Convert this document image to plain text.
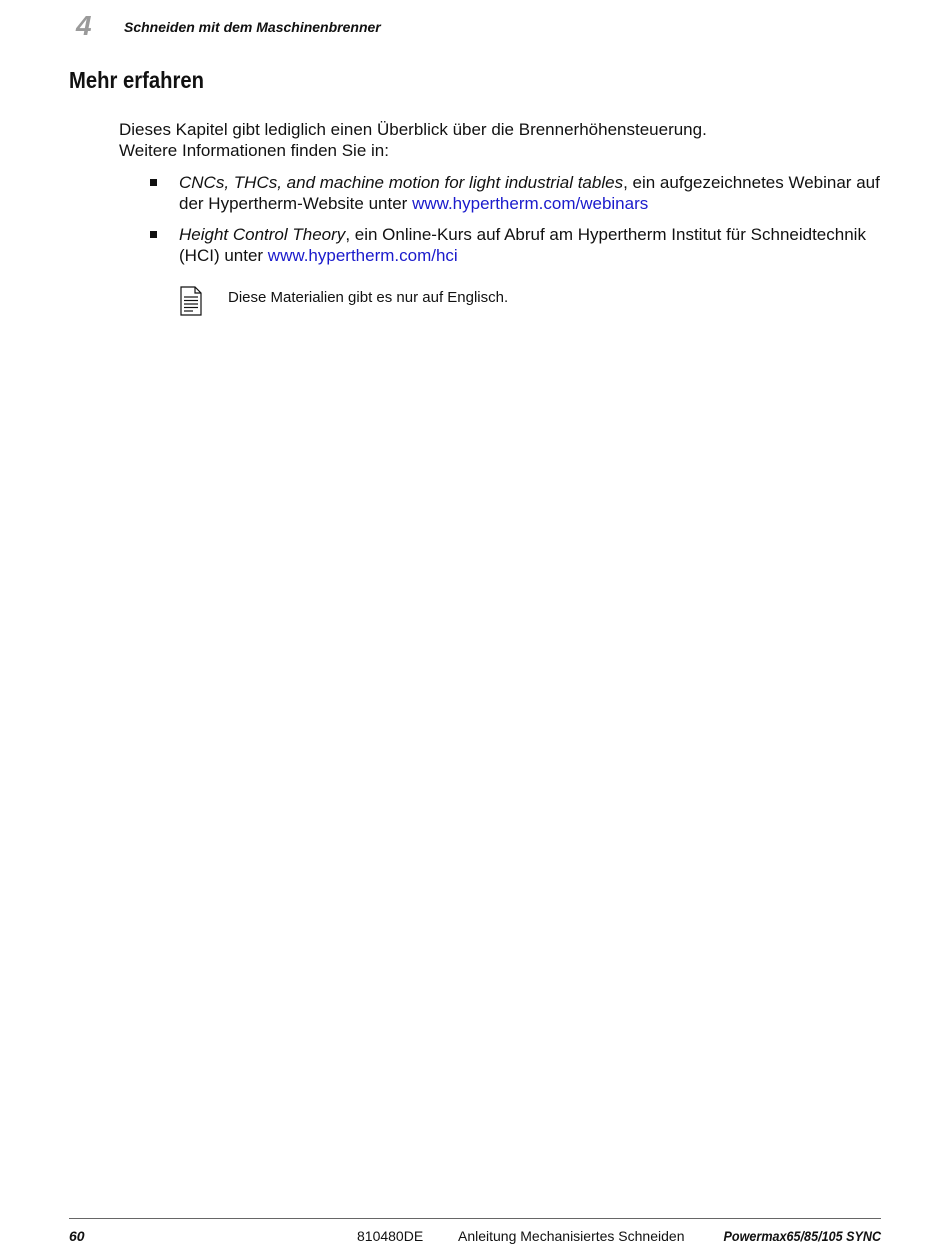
4 Schneiden mit dem Maschinenbrenner
Mehr erfahren

Dieses Kapitel gibt lediglich einen Überblick über die Brennerhöhensteuerung.

Weitere Informationen finden Sie in:

CNCs, THCs, and machine motion for light industrial tables, ein aufgezeichnetes Webinar auf der Hypertherm-Website unter www.hypertherm.com/webinars
Height Control Theory, ein Online-Kurs auf Abruf am Hypertherm Institut für Schneidtechnik (HCI) unter www.hypertherm.com/hci
Diese Materialien gibt es nur auf Englisch.
60	810480DE Anleitung Mechanisiertes Schneiden	Powermax65/85/105 SYNC
